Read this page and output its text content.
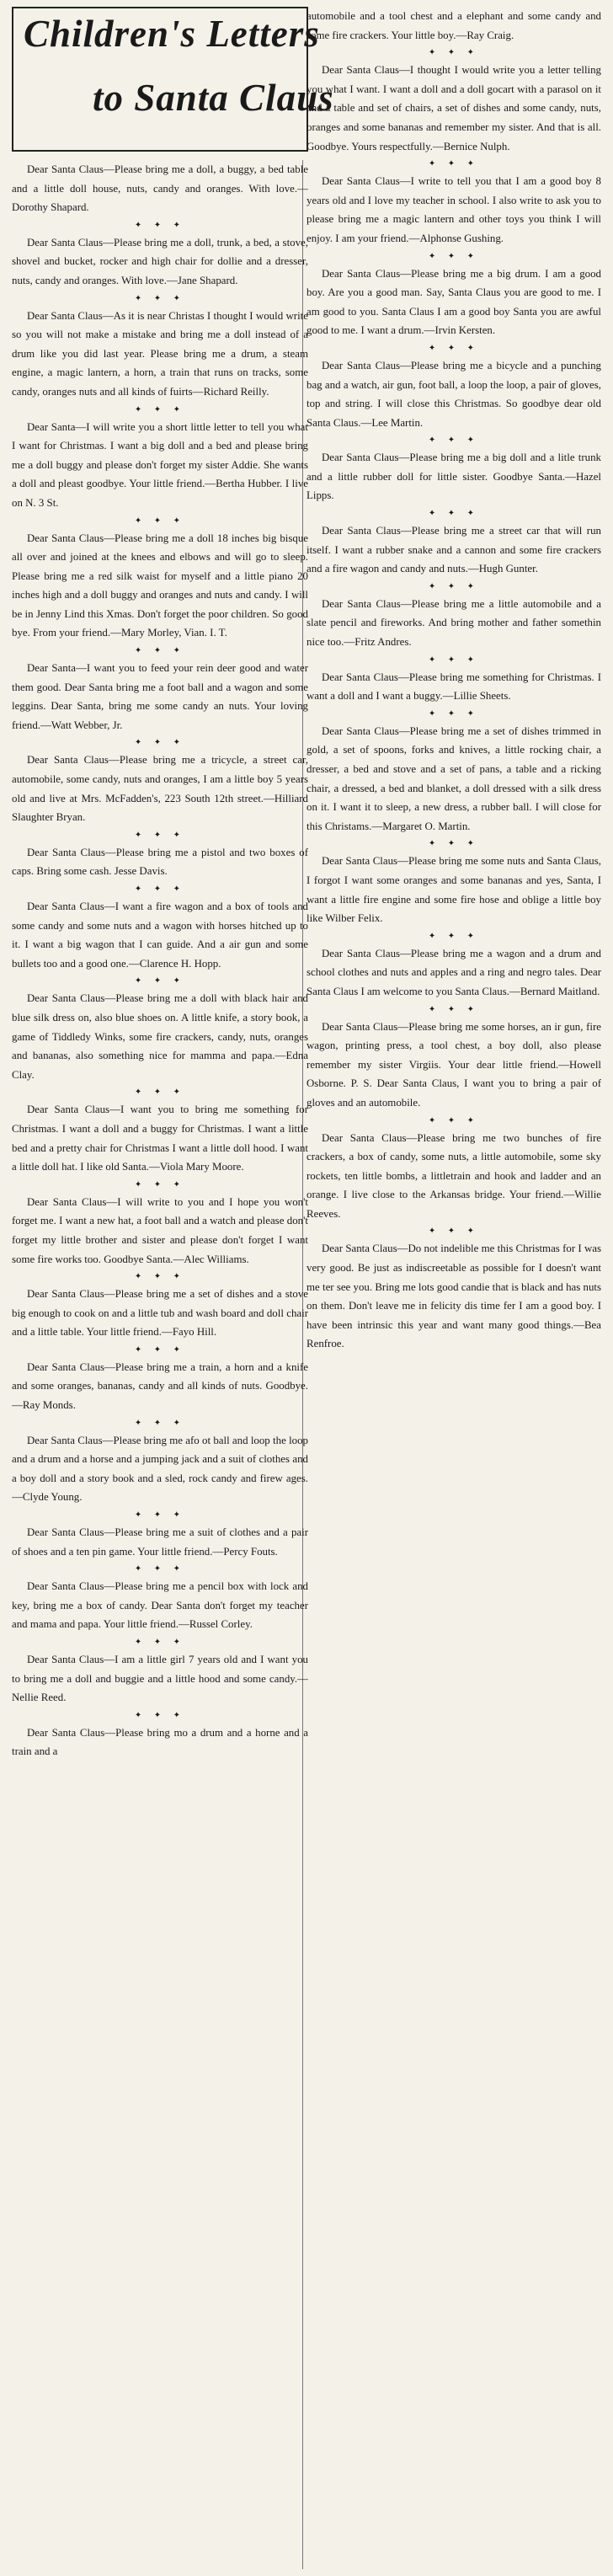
Children's Letters
to Santa Claus

Dear Santa Claus—Please bring me a doll, a buggy, a bed table and a little doll house, nuts, candy and oranges. With love.—Dorothy Shapard.

✦ ✦ ✦

Dear Santa Claus—Please bring me a doll, trunk, a bed, a stove, shovel and bucket, rocker and high chair for dollie and a dresser, nuts, candy and oranges. With love.—Jane Shapard.

✦ ✦ ✦

Dear Santa Claus—As it is near Christas I thought I would write so you will not make a mistake and bring me a doll instead of a drum like you did last year. Please bring me a drum, a steam engine, a magic lantern, a horn, a train that runs on tracks, some candy, oranges nuts and all kinds of fuirts—Richard Reilly.

✦ ✦ ✦

Dear Santa—I will write you a short little letter to tell you what I want for Christmas. I want a big doll and a bed and please bring me a doll buggy and please don't forget my sister Addie. She wants a doll and pleast goodbye. Your little friend.—Bertha Hubber. I live on N. 3 St.

✦ ✦ ✦

Dear Santa Claus—Please bring me a doll 18 inches big bisque all over and joined at the knees and elbows and will go to sleep. Please bring me a red silk waist for myself and a little piano 20 inches high and a doll buggy and oranges and nuts and candy. I will be in Jenny Lind this Xmas. Don't forget the poor children. So good bye. From your friend.—Mary Morley, Vian. I. T.

✦ ✦ ✦

Dear Santa—I want you to feed your rein deer good and water them good. Dear Santa bring me a foot ball and a wagon and some leggins. Dear Santa, bring me some candy an nuts. Your loving friend.—Watt Webber, Jr.

✦ ✦ ✦

Dear Santa Claus—Please bring me a tricycle, a street car, automobile, some candy, nuts and oranges, I am a little boy 5 years old and live at Mrs. McFadden's, 223 South 12th street.—Hilliard Slaughter Bryan.

✦ ✦ ✦

Dear Santa Claus—Please bring me a pistol and two boxes of caps. Bring some cash. Jesse Davis.

✦ ✦ ✦

Dear Santa Claus—I want a fire wagon and a box of tools and some candy and some nuts and a wagon with horses hitched up to it. I want a big wagon that I can guide. And a air gun and some bullets too and a good one.—Clarence H. Hopp.

✦ ✦ ✦

Dear Santa Claus—Please bring me a doll with black hair and blue silk dress on, also blue shoes on. A little knife, a story book, a game of Tiddledy Winks, some fire crackers, candy, nuts, oranges and bananas, also something nice for mamma and papa.—Edna Clay.

✦ ✦ ✦

Dear Santa Claus—I want you to bring me something for Christmas. I want a doll and a buggy for Christmas. I want a little bed and a pretty chair for Christmas I want a little doll hood. I want a little doll hat. I like old Santa.—Viola Mary Moore.

✦ ✦ ✦

Dear Santa Claus—I will write to you and I hope you won't forget me. I want a new hat, a foot ball and a watch and please don't forget my little brother and sister and please don't forget I want some fire works too. Goodbye Santa.—Alec Williams.

✦ ✦ ✦

Dear Santa Claus—Please bring me a set of dishes and a stove big enough to cook on and a little tub and wash board and doll chair and a little table. Your little friend.—Fayo Hill.

✦ ✦ ✦

Dear Santa Claus—Please bring me a train, a horn and a knife and some oranges, bananas, candy and all kinds of nuts. Goodbye.—Ray Monds.

✦ ✦ ✦

Dear Santa Claus—Please bring me afo ot ball and loop the loop and a drum and a horse and a jumping jack and a suit of clothes and a boy doll and a story book and a sled, rock candy and firew ages.—Clyde Young.

✦ ✦ ✦

Dear Santa Claus—Please bring me a suit of clothes and a pair of shoes and a ten pin game. Your little friend.—Percy Fouts.

✦ ✦ ✦

Dear Santa Claus—Please bring me a pencil box with lock and key, bring me a box of candy. Dear Santa don't forget my teacher and mama and papa. Your little friend.—Russel Corley.

✦ ✦ ✦

Dear Santa Claus—I am a little girl 7 years old and I want you to bring me a doll and buggie and a little hood and some candy.—Nellie Reed.

✦ ✦ ✦

Dear Santa Claus—Please bring mo a drum and a horne and a train and a

automobile and a tool chest and a elephant and some candy and some fire crackers. Your little boy.—Ray Craig.

✦ ✦ ✦

Dear Santa Claus—I thought I would write you a letter telling you what I want. I want a doll and a doll gocart with a parasol on it and a table and set of chairs, a set of dishes and some candy, nuts, oranges and some bananas and remember my sister. And that is all. Goodbye. Yours respectfully.—Bernice Nulph.

✦ ✦ ✦

Dear Santa Claus—I write to tell you that I am a good boy 8 years old and I love my teacher in school. I also write to ask you to please bring me a magic lantern and other toys you think I will enjoy. I am your friend.—Alphonse Gushing.

✦ ✦ ✦

Dear Santa Claus—Please bring me a big drum. I am a good boy. Are you a good man. Say, Santa Claus you are good to me. I am good to you. Santa Claus I am a good boy Santa you are awful good to me. I want a drum.—Irvin Kersten.

✦ ✦ ✦

Dear Santa Claus—Please bring me a bicycle and a punching bag and a watch, air gun, foot ball, a loop the loop, a pair of gloves, top and string. I will close this Christmas. So goodbye dear old Santa Claus.—Lee Martin.

✦ ✦ ✦

Dear Santa Claus—Please bring me a big doll and a litle trunk and a little rubber doll for little sister. Goodbye Santa.—Hazel Lipps.

✦ ✦ ✦

Dear Santa Claus—Please bring me a street car that will run itself. I want a rubber snake and a cannon and some fire crackers and a fire wagon and candy and nuts.—Hugh Gunter.

✦ ✦ ✦

Dear Santa Claus—Please bring me a little automobile and a slate pencil and fireworks. And bring mother and father somethin nice too.—Fritz Andres.

✦ ✦ ✦

Dear Santa Claus—Please bring me something for Christmas. I want a doll and I want a buggy.—Lillie Sheets.

✦ ✦ ✦

Dear Santa Claus—Please bring me a set of dishes trimmed in gold, a set of spoons, forks and knives, a little rocking chair, a dresser, a bed and stove and a set of pans, a table and a ricking chair, a dressed, a bed and blanket, a doll dressed with a silk dress on it. I want it to sleep, a new dress, a rubber ball. I will close for this Christams.—Margaret O. Martin.

✦ ✦ ✦

Dear Santa Claus—Please bring me some nuts and Santa Claus, I forgot I want some oranges and some bananas and yes, Santa, I want a little fire engine and some fire hose and oblige a little boy like Wilber Felix.

✦ ✦ ✦

Dear Santa Claus—Please bring me a wagon and a drum and school clothes and nuts and apples and a ring and negro tales. Dear Santa Claus I am welcome to you Santa Claus.—Bernard Maitland.

✦ ✦ ✦

Dear Santa Claus—Please bring me some horses, an ir gun, fire wagon, printing press, a tool chest, a boy doll, also please remember my sister Virgiis. Your dear little friend.—Howell Osborne. P. S. Dear Santa Claus, I want you to bring a pair of gloves and an automobile.

✦ ✦ ✦

Dear Santa Claus—Please bring me two bunches of fire crackers, a box of candy, some nuts, a little automobile, some sky rockets, ten little bombs, a littletrain and hook and ladder and an orange. I live close to the Arkansas bridge. Your friend.—Willie Reeves.

✦ ✦ ✦

Dear Santa Claus—Do not indelible me this Christmas for I was very good. Be just as indiscreetable as possible for I doesn't want me ter see you. Bring me lots good candie that is black and has nuts on them. Don't leave me in felicity dis time fer I am a good boy. I have been intrinsic this year and want many good things.—Bea Renfroe.
